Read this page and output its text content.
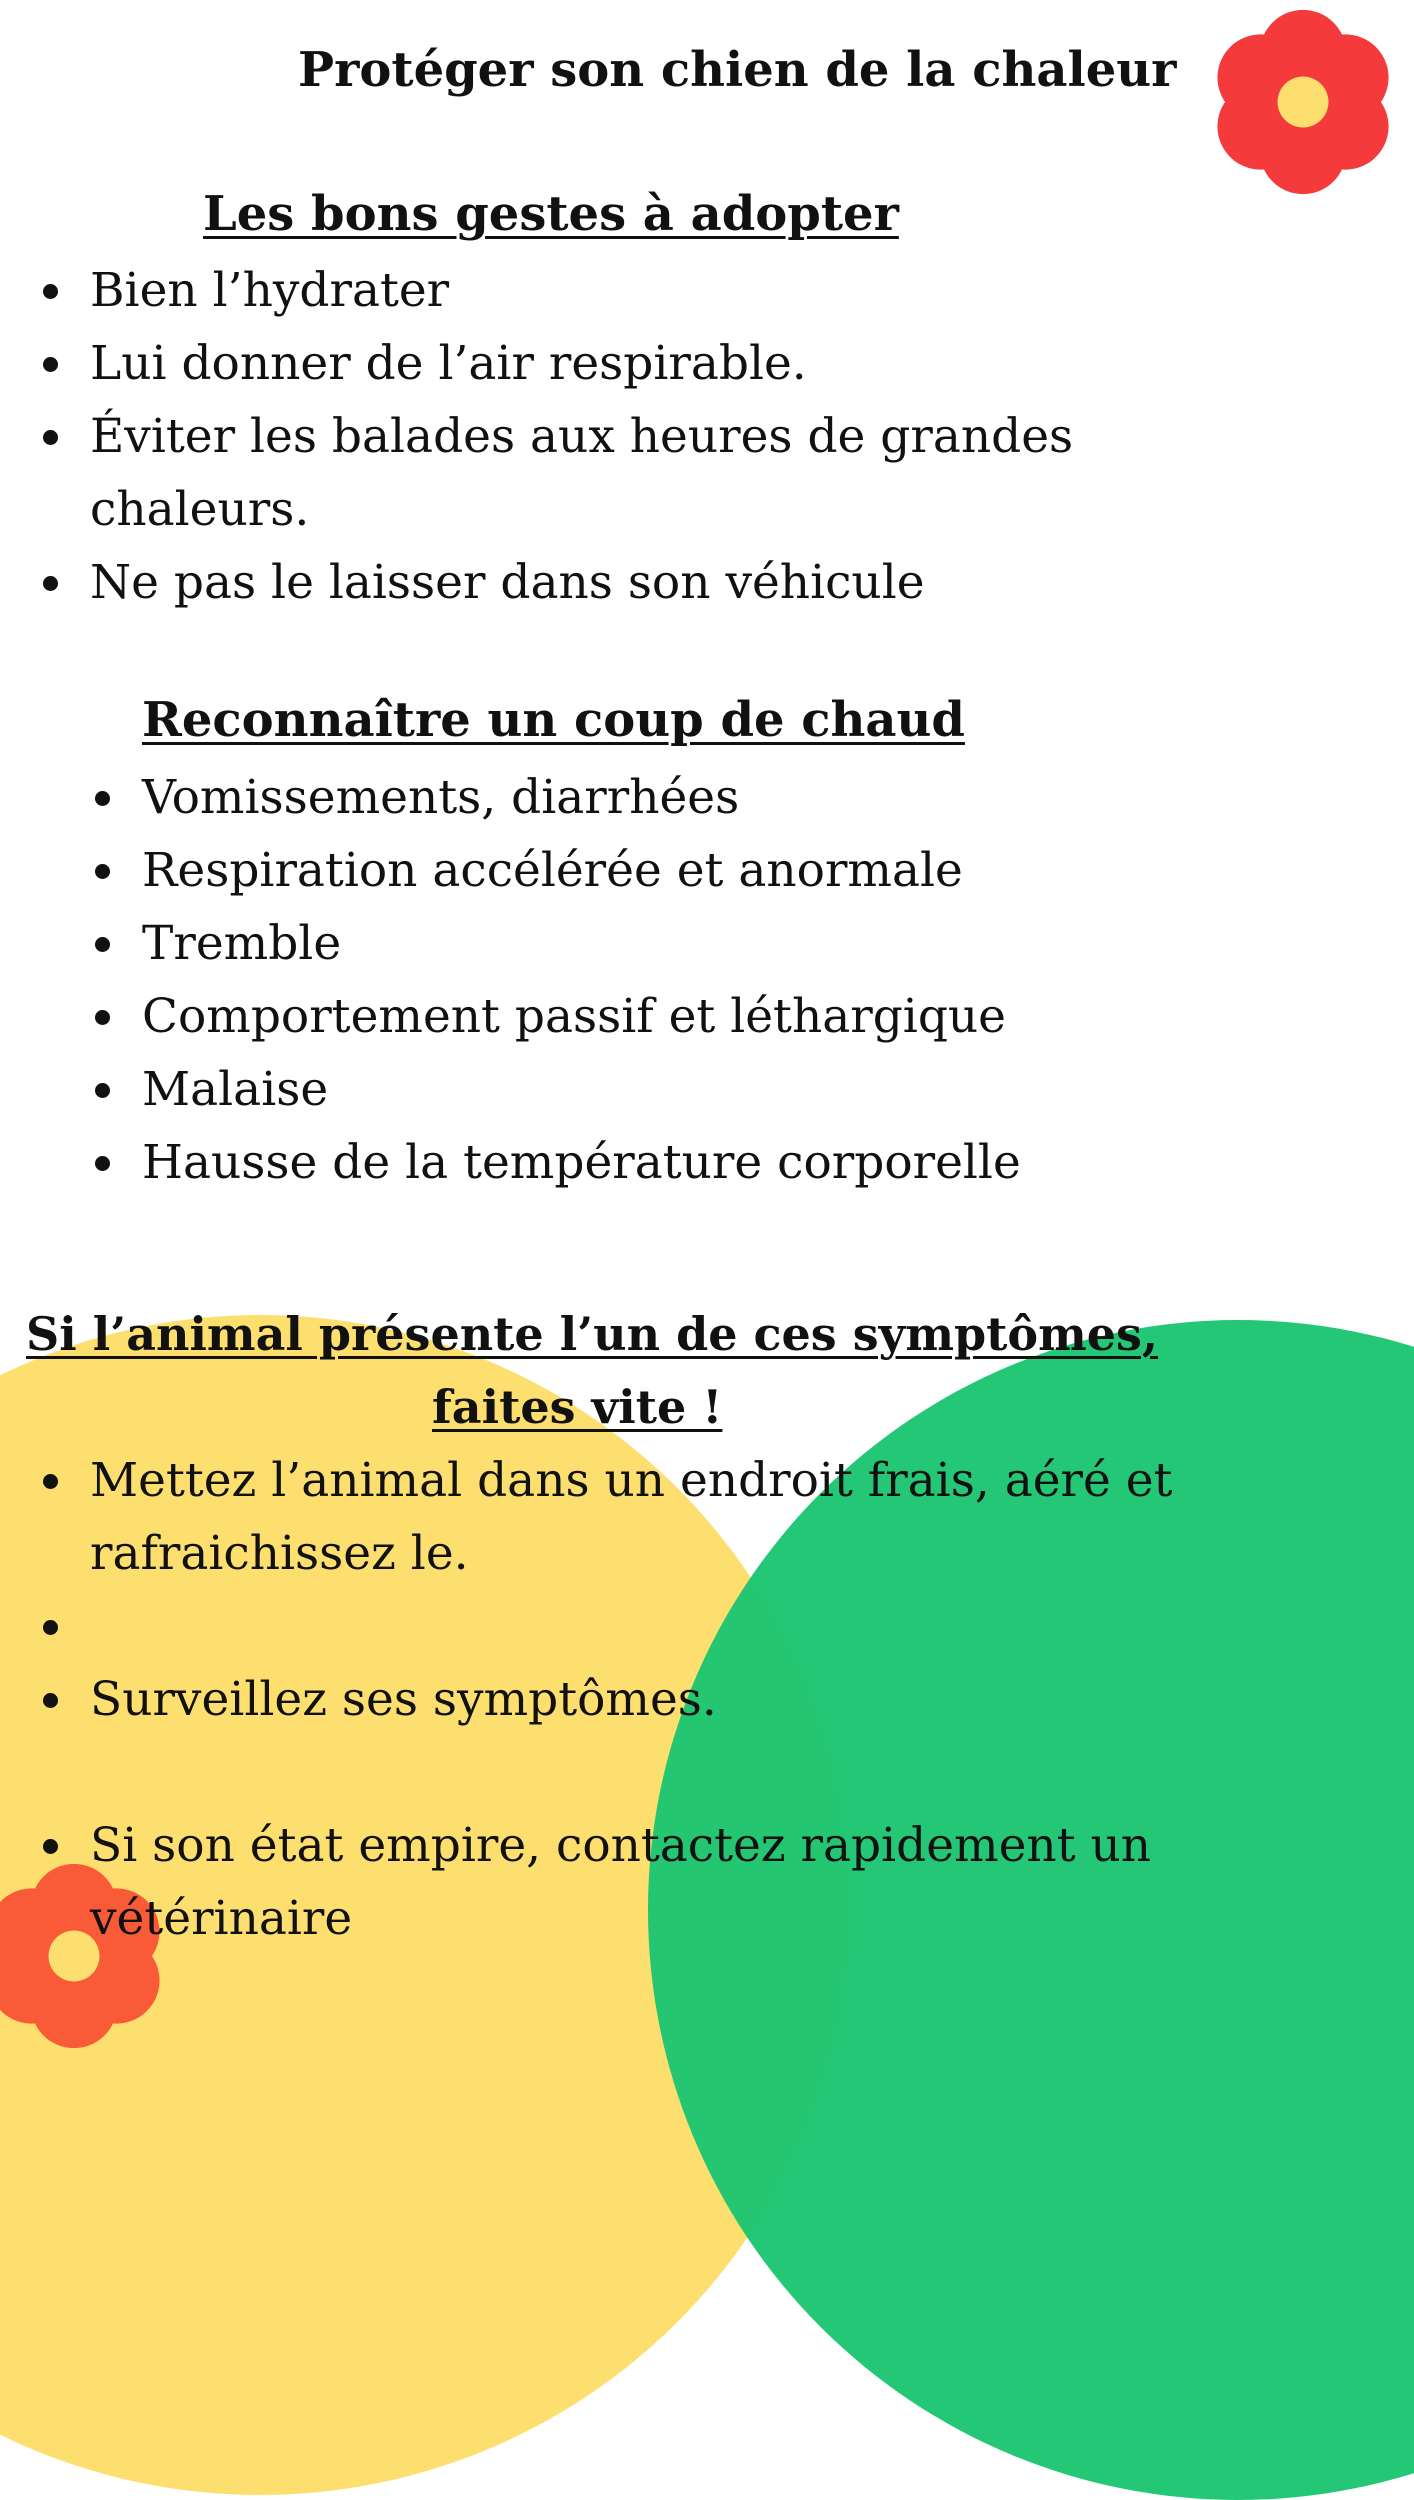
Protéger son chien de la chaleur
Les bons gestes à adopter
Bien l’hydrater
Lui donner de l’air respirable.
Éviter les balades aux heures de grandes
chaleurs.
Ne pas le laisser dans son véhicule
Reconnaître un coup de chaud
Vomissements, diarrhées
Respiration accélérée et anormale
Tremble
Comportement passif et léthargique
Malaise
Hausse de la température corporelle
Si l’animal présente l’un de ces symptômes,
faites vite !
Mettez l’animal dans un endroit frais, aéré et
rafraichissez le.
Surveillez ses symptômes.
Si son état empire, contactez rapidement un
vétérinaire
